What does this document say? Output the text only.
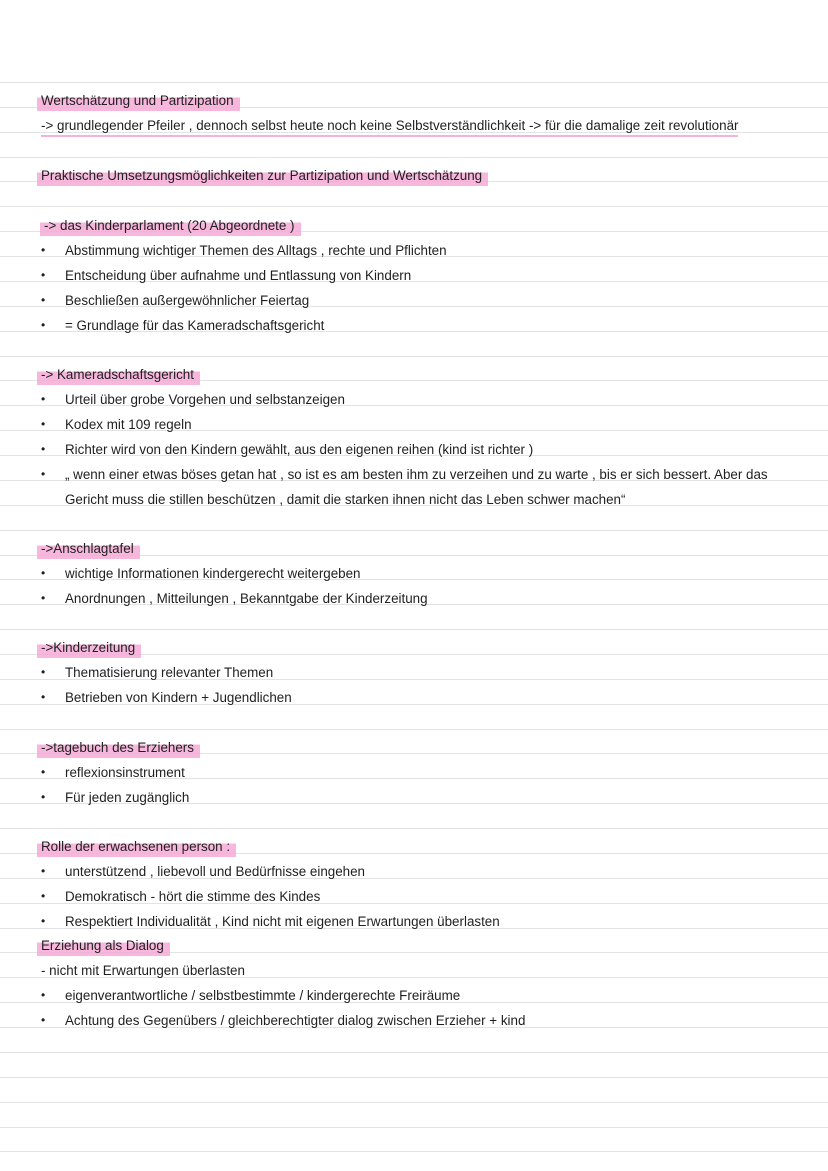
Wertschätzung und Partizipation
-> grundlegender Pfeiler , dennoch selbst heute noch keine Selbstverständlichkeit -> für die damalige zeit revolutionär
Praktische Umsetzungsmöglichkeiten zur Partizipation und Wertschätzung
-> das Kinderparlament (20 Abgeordnete )
• Abstimmung wichtiger Themen des Alltags , rechte und Pflichten
• Entscheidung über aufnahme und Entlassung von Kindern
• Beschließen außergewöhnlicher Feiertag
• = Grundlage für das Kameradschaftsgericht
-> Kameradschaftsgericht
• Urteil über grobe Vorgehen und selbstanzeigen
• Kodex mit 109 regeln
• Richter wird von den Kindern gewählt, aus den eigenen reihen (kind ist richter )
• „ wenn einer etwas böses getan hat , so ist es am besten ihm zu verzeihen und zu warte , bis er sich bessert. Aber das
Gericht muss die stillen beschützen , damit die starken ihnen nicht das Leben schwer machen“
->Anschlagtafel
• wichtige Informationen kindergerecht weitergeben
• Anordnungen , Mitteilungen , Bekanntgabe der Kinderzeitung
->Kinderzeitung
• Thematisierung relevanter Themen
• Betrieben von Kindern + Jugendlichen
->tagebuch des Erziehers
• reflexionsinstrument
• Für jeden zugänglich
Rolle der erwachsenen person :
• unterstützend , liebevoll und Bedürfnisse eingehen
• Demokratisch - hört die stimme des Kindes
• Respektiert Individualität , Kind nicht mit eigenen Erwartungen überlasten
Erziehung als Dialog
- nicht mit Erwartungen überlasten
• eigenverantwortliche / selbstbestimmte / kindergerechte Freiräume
• Achtung des Gegenübers / gleichberechtigter dialog zwischen Erzieher + kind
